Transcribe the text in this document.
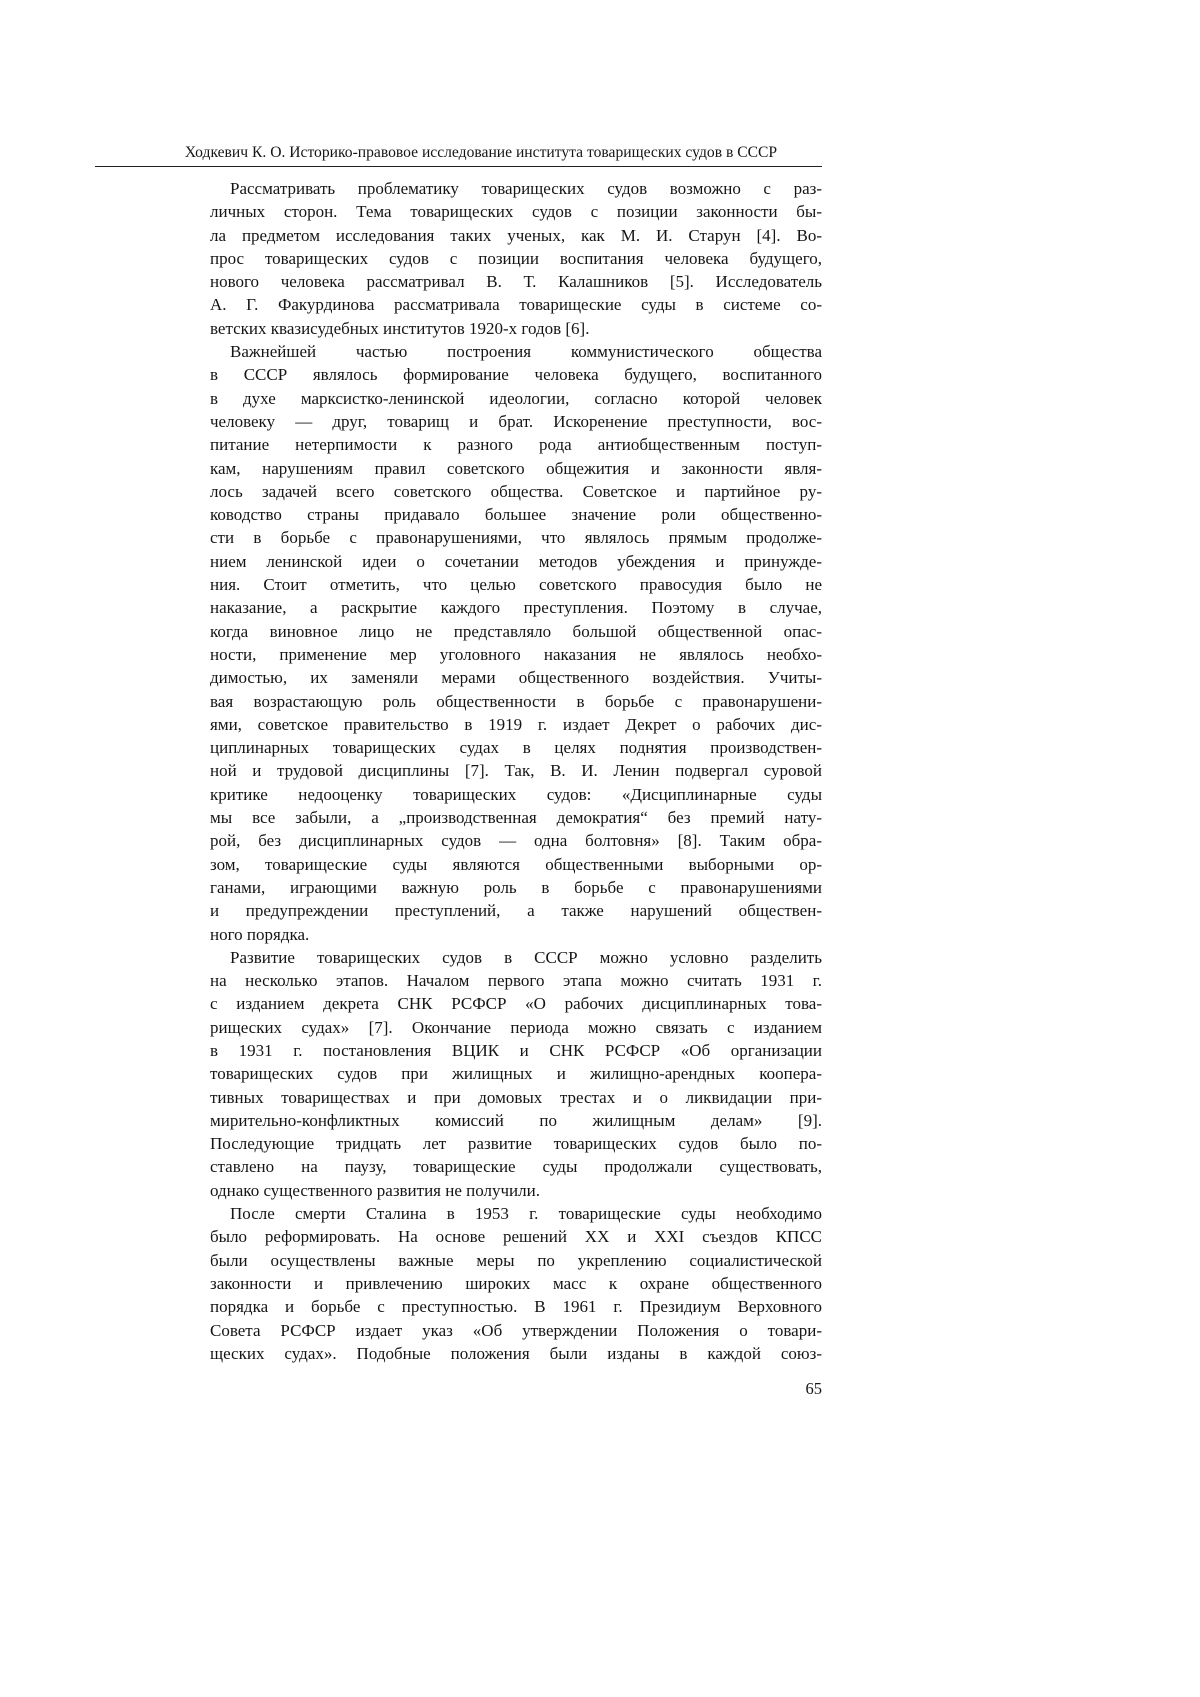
Ходкевич К. О. Историко-правовое исследование института товарищеских судов в СССР
Рассматривать проблематику товарищеских судов возможно с раз-
личных сторон. Тема товарищеских судов с позиции законности бы-
ла предметом исследования таких ученых, как М. И. Старун [4]. Во-
прос товарищеских судов с позиции воспитания человека будущего,
нового человека рассматривал В. Т. Калашников [5]. Исследователь
А. Г. Факурдинова рассматривала товарищеские суды в системе со-
ветских квазисудебных институтов 1920-х годов [6].
Важнейшей частью построения коммунистического общества
в СССР являлось формирование человека будущего, воспитанного
в духе марксистко-ленинской идеологии, согласно которой человек
человеку — друг, товарищ и брат. Искоренение преступности, вос-
питание нетерпимости к разного рода антиобщественным поступ-
кам, нарушениям правил советского общежития и законности явля-
лось задачей всего советского общества. Советское и партийное ру-
ководство страны придавало большее значение роли общественно-
сти в борьбе с правонарушениями, что являлось прямым продолже-
нием ленинской идеи о сочетании методов убеждения и принужде-
ния. Стоит отметить, что целью советского правосудия было не
наказание, а раскрытие каждого преступления. Поэтому в случае,
когда виновное лицо не представляло большой общественной опас-
ности, применение мер уголовного наказания не являлось необхо-
димостью, их заменяли мерами общественного воздействия. Учиты-
вая возрастающую роль общественности в борьбе с правонарушени-
ями, советское правительство в 1919 г. издает Декрет о рабочих дис-
циплинарных товарищеских судах в целях поднятия производствен-
ной и трудовой дисциплины [7]. Так, В. И. Ленин подвергал суровой
критике недооценку товарищеских судов: «Дисциплинарные суды
мы все забыли, а „производственная демократия“ без премий нату-
рой, без дисциплинарных судов — одна болтовня» [8]. Таким обра-
зом, товарищеские суды являются общественными выборными ор-
ганами, играющими важную роль в борьбе с правонарушениями
и предупреждении преступлений, а также нарушений обществен-
ного порядка.
Развитие товарищеских судов в СССР можно условно разделить
на несколько этапов. Началом первого этапа можно считать 1931 г.
с изданием декрета СНК РСФСР «О рабочих дисциплинарных това-
рищеских судах» [7]. Окончание периода можно связать с изданием
в 1931 г. постановления ВЦИК и СНК РСФСР «Об организации
товарищеских судов при жилищных и жилищно-арендных коопера-
тивных товариществах и при домовых трестах и о ликвидации при-
мирительно-конфликтных комиссий по жилищным делам» [9].
Последующие тридцать лет развитие товарищеских судов было по-
ставлено на паузу, товарищеские суды продолжали существовать,
однако существенного развития не получили.
После смерти Сталина в 1953 г. товарищеские суды необходимо
было реформировать. На основе решений XX и XXI съездов КПСС
были осуществлены важные меры по укреплению социалистической
законности и привлечению широких масс к охране общественного
порядка и борьбе с преступностью. В 1961 г. Президиум Верховного
Совета РСФСР издает указ «Об утверждении Положения о товари-
щеских судах». Подобные положения были изданы в каждой союз-
65
